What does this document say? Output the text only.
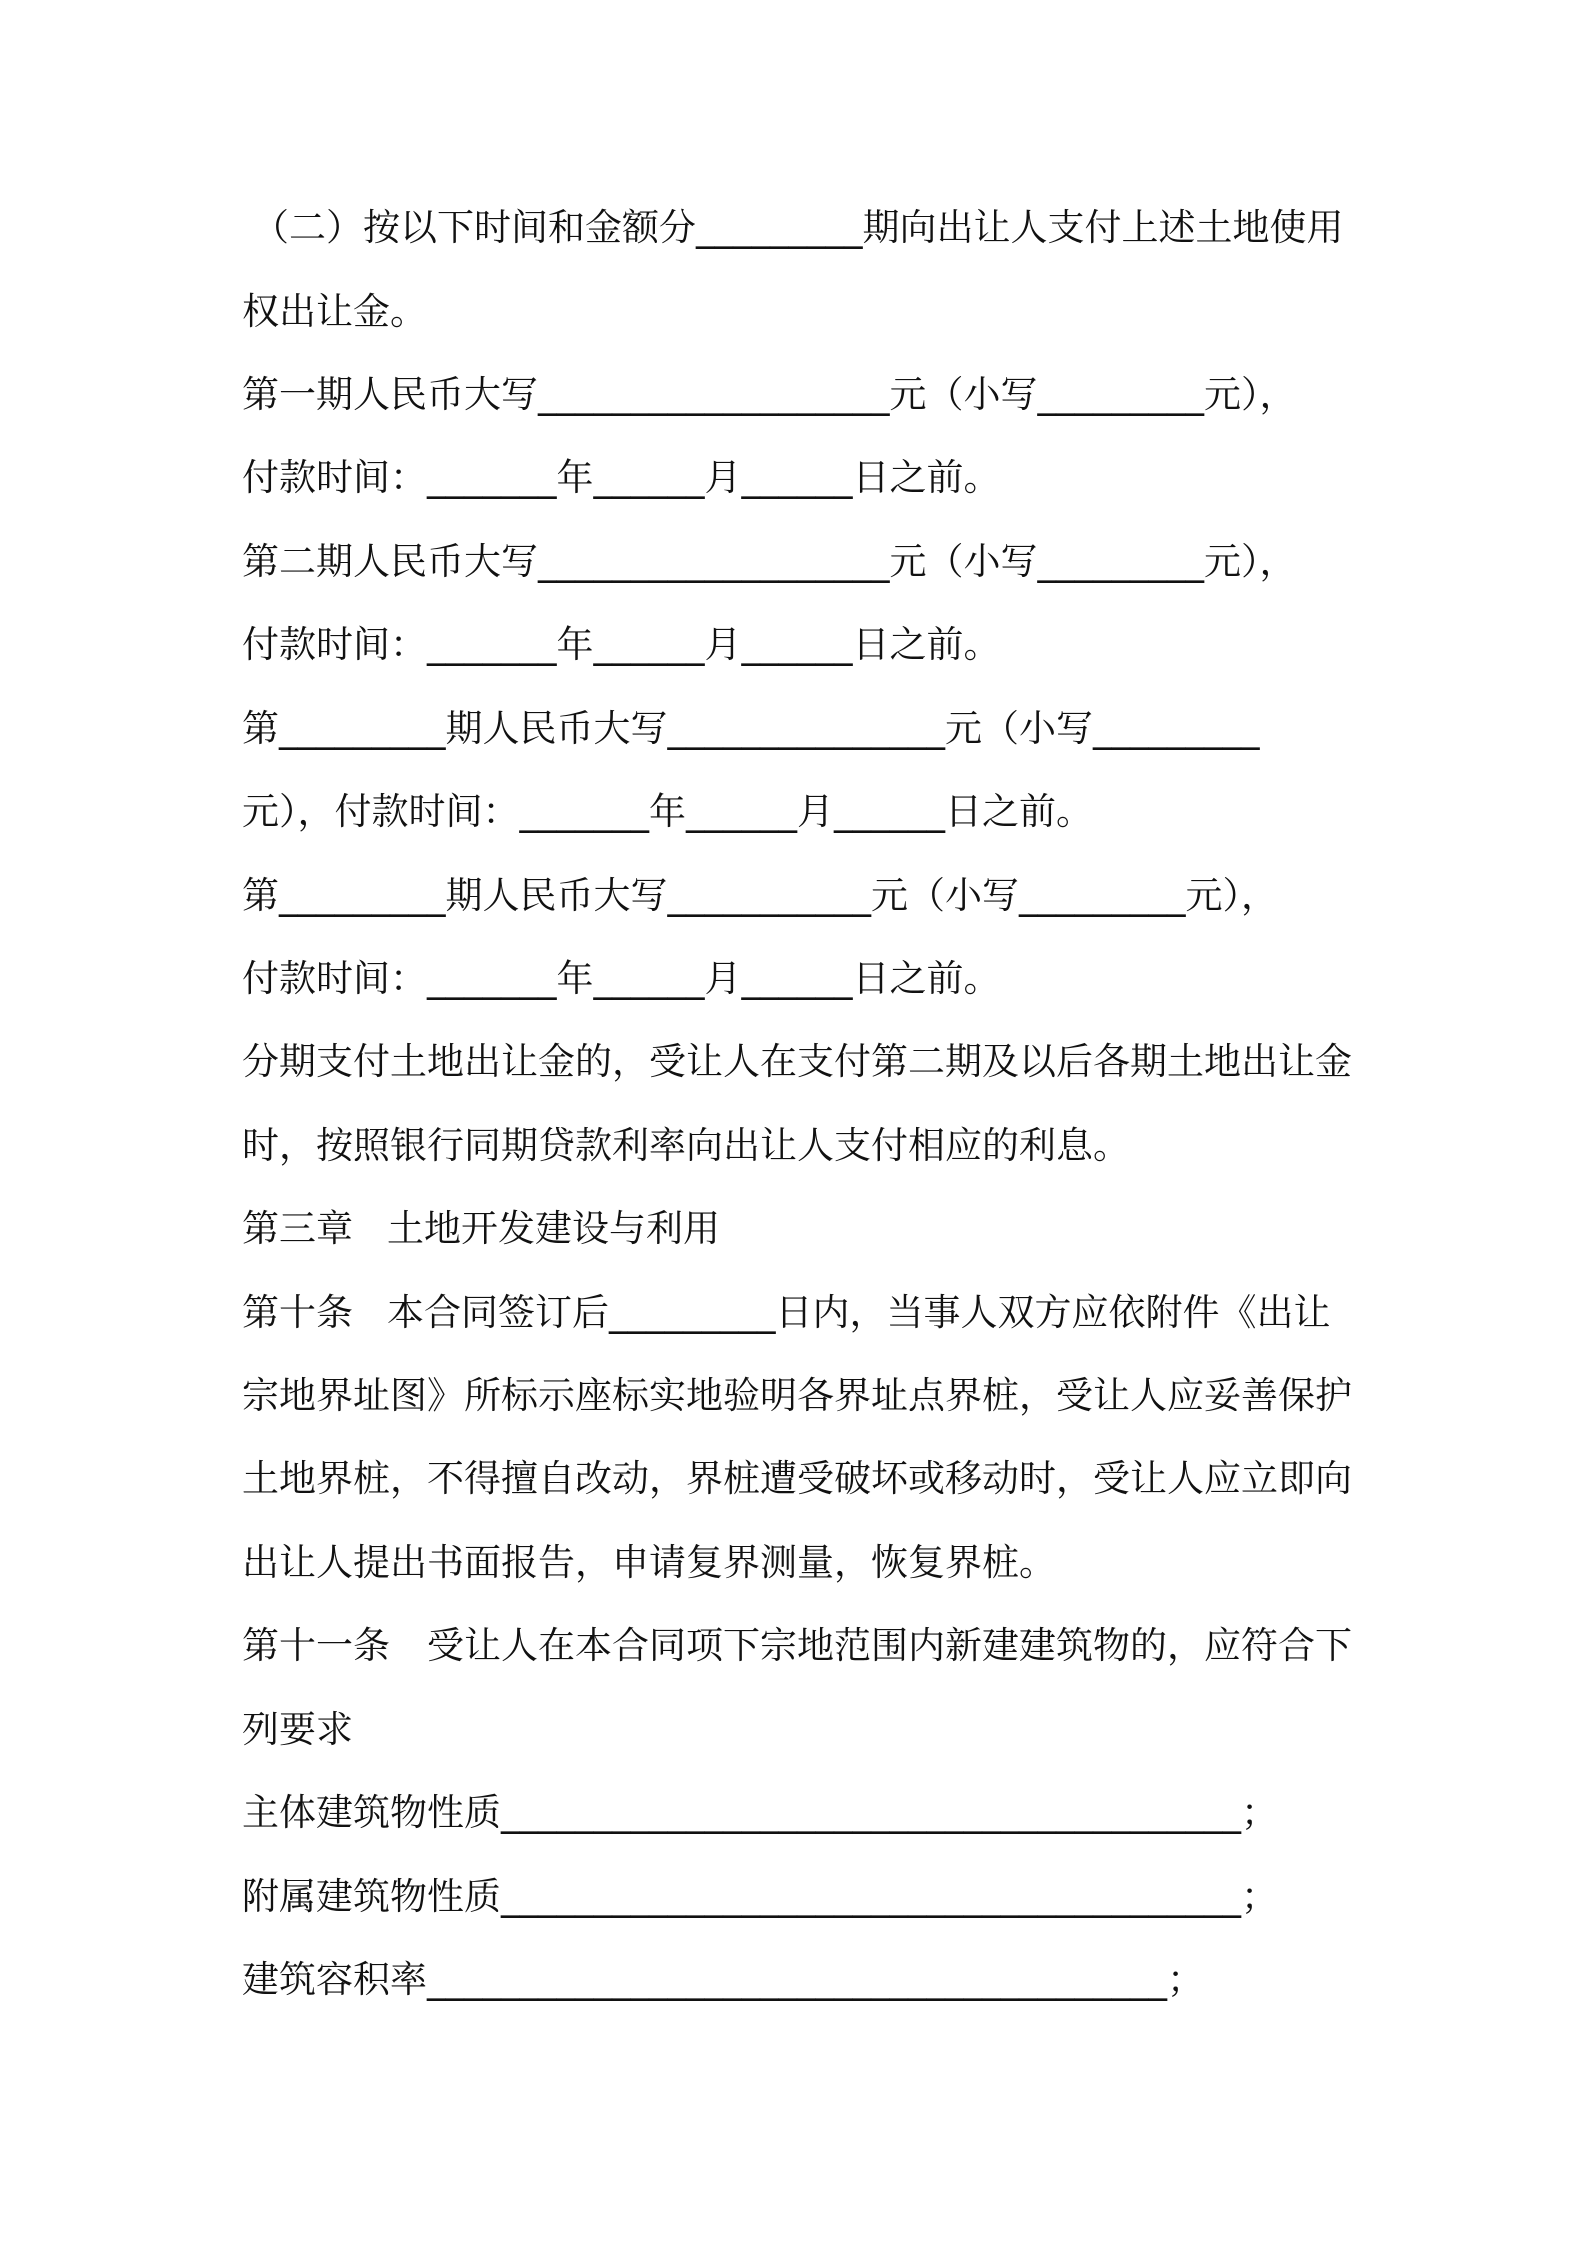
（二）按以下时间和金额分_________期向出让人支付上述土地使用
权出让金。
第一期人民币大写___________________元（小写_________元），
付款时间：_______年______月______日之前。
第二期人民币大写___________________元（小写_________元），
付款时间：_______年______月______日之前。
第_________期人民币大写_______________元（小写_________
元），付款时间：_______年______月______日之前。
第_________期人民币大写___________元（小写_________元），
付款时间：_______年______月______日之前。
分期支付土地出让金的，受让人在支付第二期及以后各期土地出让金
时，按照银行同期贷款利率向出让人支付相应的利息。
第三章 土地开发建设与利用
第十条 本合同签订后_________日内，当事人双方应依附件《出让
宗地界址图》所标示座标实地验明各界址点界桩，受让人应妥善保护
土地界桩，不得擅自改动，界桩遭受破坏或移动时，受让人应立即向
出让人提出书面报告，申请复界测量，恢复界桩。
第十一条　受让人在本合同项下宗地范围内新建建筑物的，应符合下
列要求
主体建筑物性质________________________________________；
附属建筑物性质________________________________________；
建筑容积率________________________________________；
